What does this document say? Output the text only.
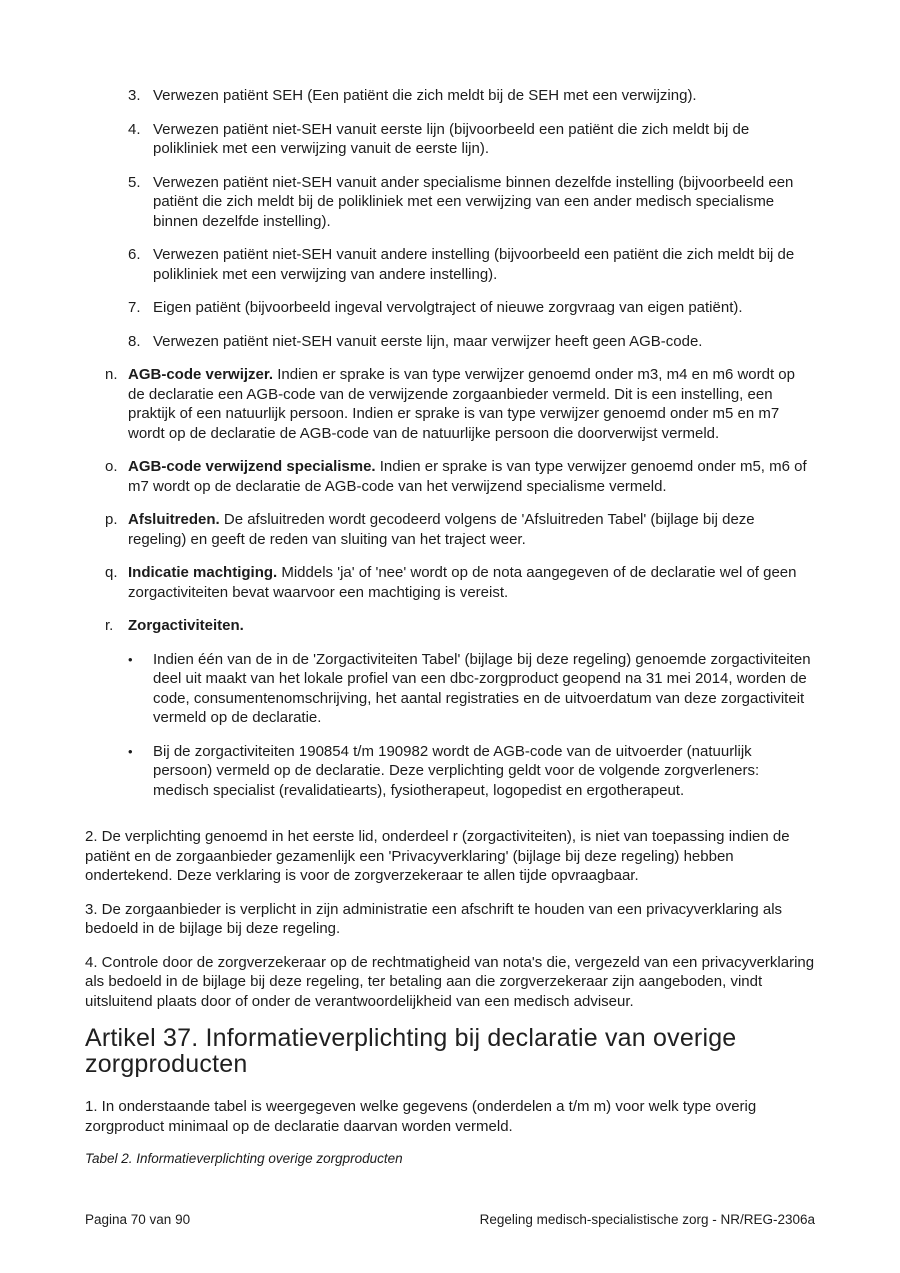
3. Verwezen patiënt SEH (Een patiënt die zich meldt bij de SEH met een verwijzing).
4. Verwezen patiënt niet-SEH vanuit eerste lijn (bijvoorbeeld een patiënt die zich meldt bij de polikliniek met een verwijzing vanuit de eerste lijn).
5. Verwezen patiënt niet-SEH vanuit ander specialisme binnen dezelfde instelling (bijvoorbeeld een patiënt die zich meldt bij de polikliniek met een verwijzing van een ander medisch specialisme binnen dezelfde instelling).
6. Verwezen patiënt niet-SEH vanuit andere instelling (bijvoorbeeld een patiënt die zich meldt bij de polikliniek met een verwijzing van andere instelling).
7. Eigen patiënt (bijvoorbeeld ingeval vervolgtraject of nieuwe zorgvraag van eigen patiënt).
8. Verwezen patiënt niet-SEH vanuit eerste lijn, maar verwijzer heeft geen AGB-code.
n. AGB-code verwijzer. Indien er sprake is van type verwijzer genoemd onder m3, m4 en m6 wordt op de declaratie een AGB-code van de verwijzende zorgaanbieder vermeld. Dit is een instelling, een praktijk of een natuurlijk persoon. Indien er sprake is van type verwijzer genoemd onder m5 en m7 wordt op de declaratie de AGB-code van de natuurlijke persoon die doorverwijst vermeld.
o. AGB-code verwijzend specialisme. Indien er sprake is van type verwijzer genoemd onder m5, m6 of m7 wordt op de declaratie de AGB-code van het verwijzend specialisme vermeld.
p. Afsluitreden. De afsluitreden wordt gecodeerd volgens de 'Afsluitreden Tabel' (bijlage bij deze regeling) en geeft de reden van sluiting van het traject weer.
q. Indicatie machtiging. Middels 'ja' of 'nee' wordt op de nota aangegeven of de declaratie wel of geen zorgactiviteiten bevat waarvoor een machtiging is vereist.
r. Zorgactiviteiten.
•	Indien één van de in de 'Zorgactiviteiten Tabel' (bijlage bij deze regeling) genoemde zorgactiviteiten deel uit maakt van het lokale profiel van een dbc-zorgproduct geopend na 31 mei 2014, worden de code, consumentenomschrijving, het aantal registraties en de uitvoerdatum van deze zorgactiviteit vermeld op de declaratie.
•	Bij de zorgactiviteiten 190854 t/m 190982 wordt de AGB-code van de uitvoerder (natuurlijk persoon) vermeld op de declaratie. Deze verplichting geldt voor de volgende zorgverleners: medisch specialist (revalidatiearts), fysiotherapeut, logopedist en ergotherapeut.

2. De verplichting genoemd in het eerste lid, onderdeel r (zorgactiviteiten), is niet van toepassing indien de patiënt en de zorgaanbieder gezamenlijk een 'Privacyverklaring' (bijlage bij deze regeling) hebben ondertekend. Deze verklaring is voor de zorgverzekeraar te allen tijde opvraagbaar.

3. De zorgaanbieder is verplicht in zijn administratie een afschrift te houden van een privacyverklaring als bedoeld in de bijlage bij deze regeling.

4. Controle door de zorgverzekeraar op de rechtmatigheid van nota's die, vergezeld van een privacyverklaring als bedoeld in de bijlage bij deze regeling, ter betaling aan die zorgverzekeraar zijn aangeboden, vindt uitsluitend plaats door of onder de verantwoordelijkheid van een medisch adviseur.

Artikel 37. Informatieverplichting bij declaratie van overige zorgproducten

1. In onderstaande tabel is weergegeven welke gegevens (onderdelen a t/m m) voor welk type overig zorgproduct minimaal op de declaratie daarvan worden vermeld.

Tabel 2. Informatieverplichting overige zorgproducten

Pagina 70 van 90	Regeling medisch-specialistische zorg - NR/REG-2306a
